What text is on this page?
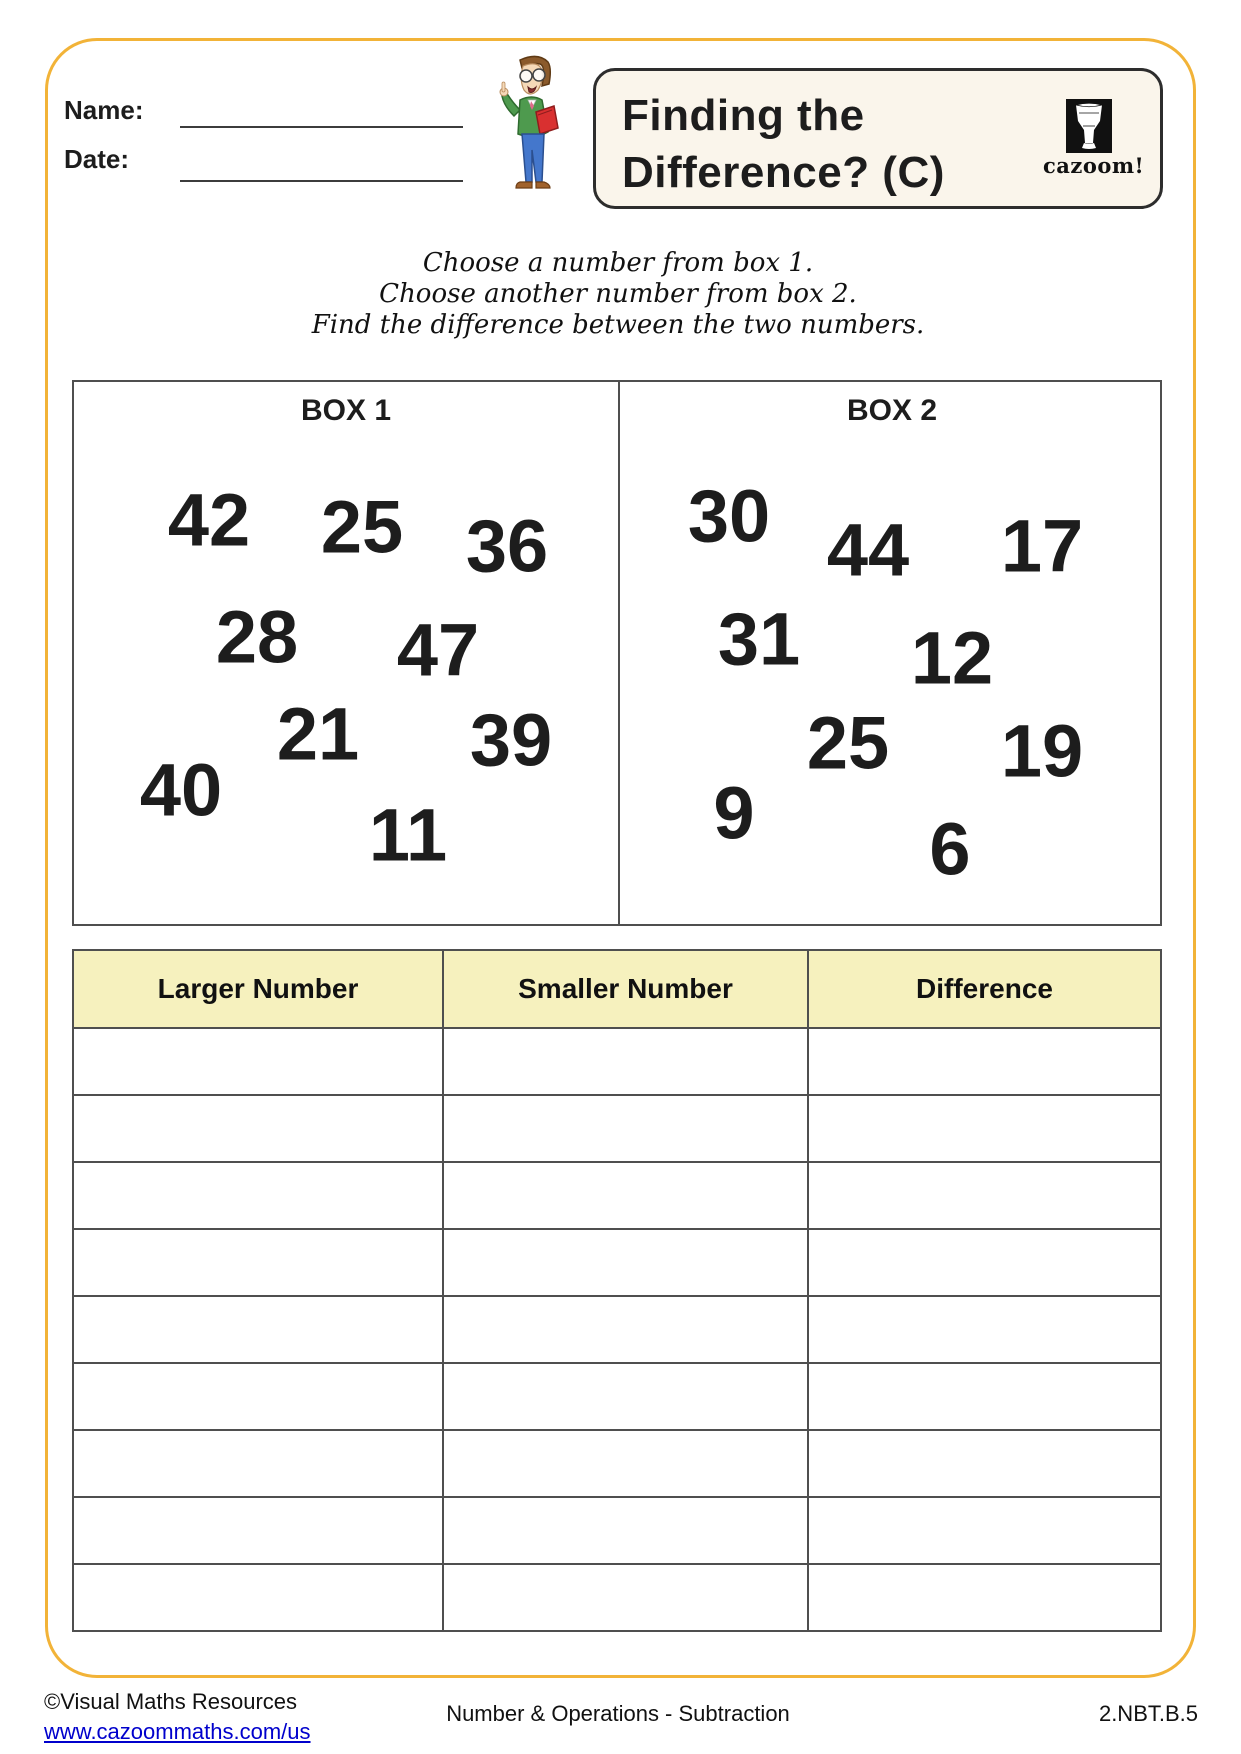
Name:
Date:
Finding the
Difference? (C)	cazoom!
Choose a number from box 1.
Choose another number from box 2.
Find the difference between the two numbers.
BOX 1
42 25 36
28 47
21 39
40
11
BOX 2
30 44 17
31 12
25 19
9 6
Larger Number	Smaller Number	Difference
©Visual Maths Resources
www.cazoommaths.com/us
Number & Operations - Subtraction	2.NBT.B.5
